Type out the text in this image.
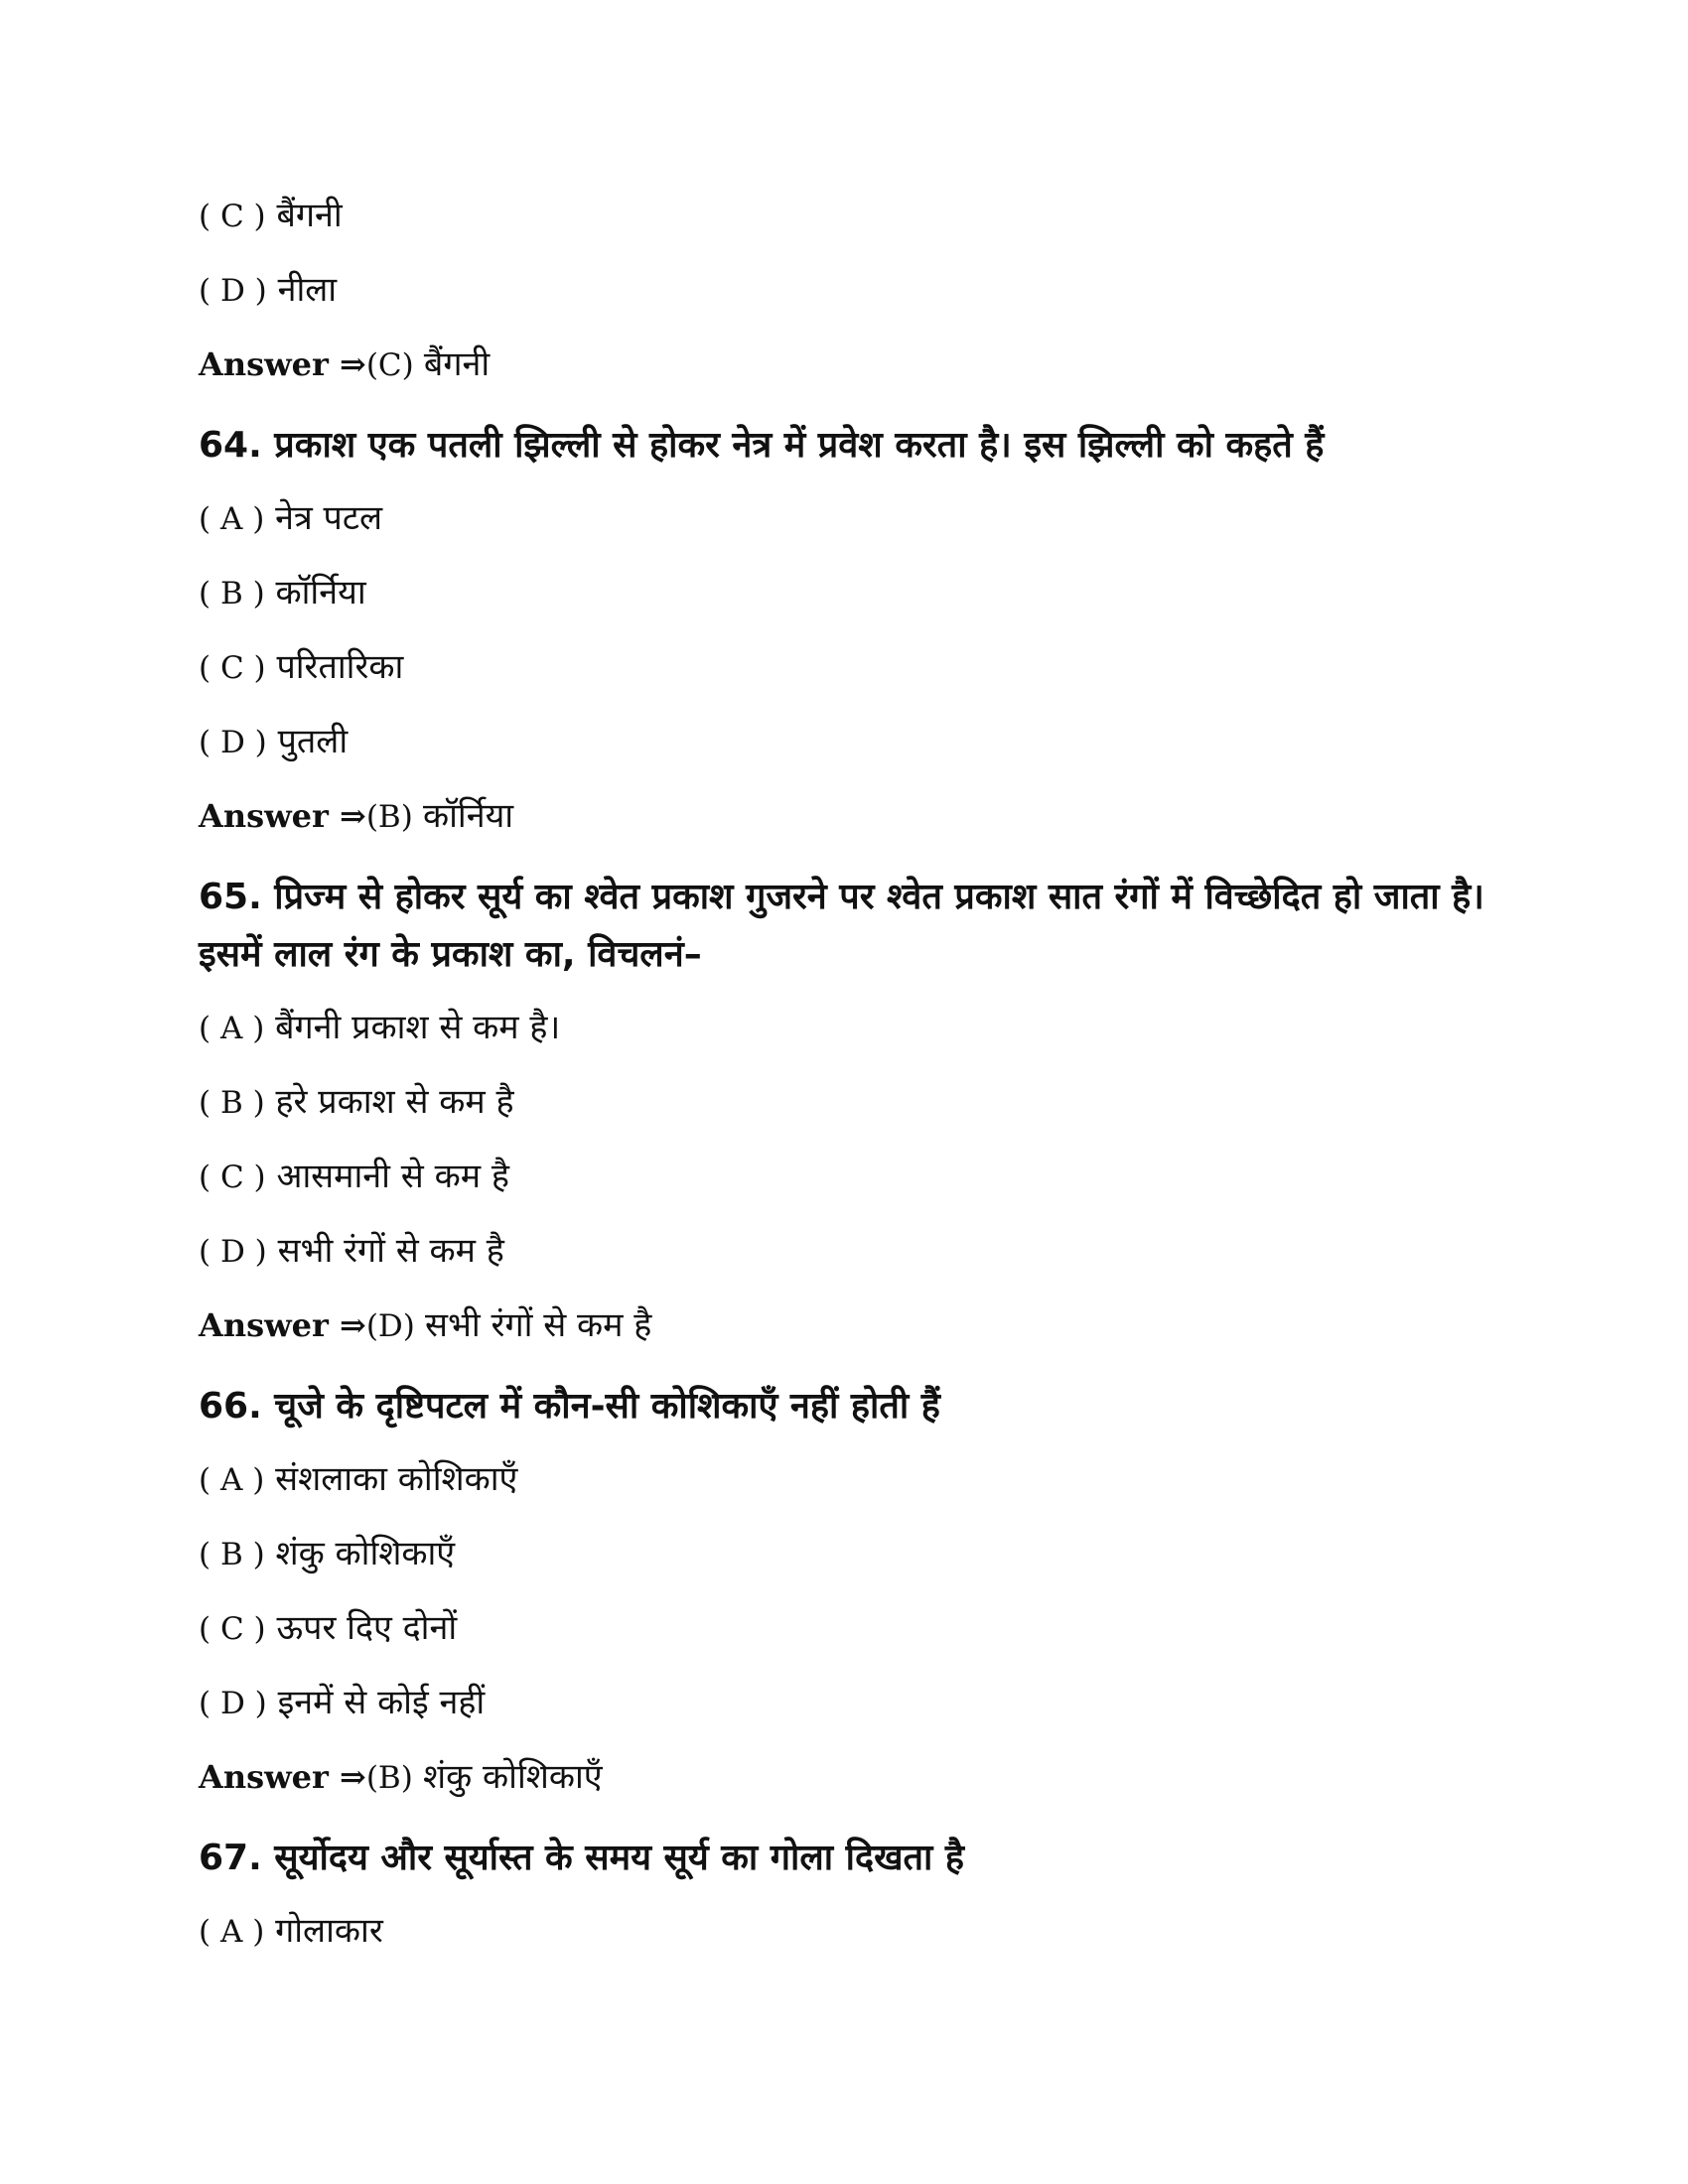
( C ) बैंगनी
( D ) नीला
Answer ⇒(C) बैंगनी
64. प्रकाश एक पतली झिल्ली से होकर नेत्र में प्रवेश करता है। इस झिल्ली को कहते हैं
( A ) नेत्र पटल
( B ) कॉर्निया
( C ) परितारिका
( D ) पुतली
Answer ⇒(B) कॉर्निया
65. प्रिज्म से होकर सूर्य का श्वेत प्रकाश गुजरने पर श्वेत प्रकाश सात रंगों में विच्छेदित हो जाता है। इसमें लाल रंग के प्रकाश का, विचलनं–
( A ) बैंगनी प्रकाश से कम है।
( B ) हरे प्रकाश से कम है
( C ) आसमानी से कम है
( D ) सभी रंगों से कम है
Answer ⇒(D) सभी रंगों से कम है
66. चूजे के दृष्टिपटल में कौन-सी कोशिकाएँ नहीं होती हैं
( A ) संशलाका कोशिकाएँ
( B ) शंकु कोशिकाएँ
( C ) ऊपर दिए दोनों
( D ) इनमें से कोई नहीं
Answer ⇒(B) शंकु कोशिकाएँ
67. सूर्योदय और सूर्यास्त के समय सूर्य का गोला दिखता है
( A ) गोलाकार
